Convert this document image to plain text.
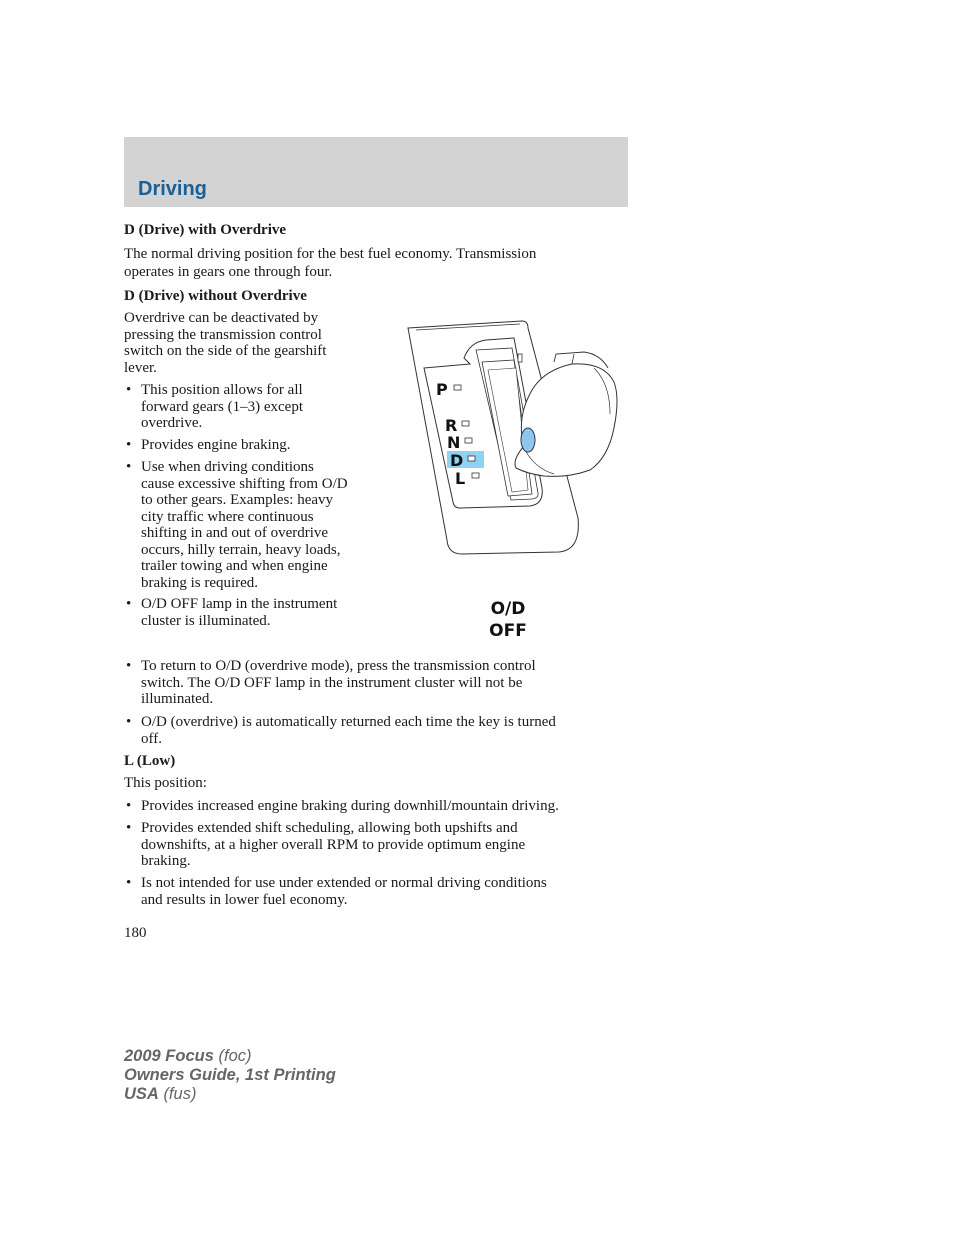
Driving

D (Drive) with Overdrive

The normal driving position for the best fuel economy. Transmission

operates in gears one through four.

D (Drive) without Overdrive

Overdrive can be deactivated by
pressing the transmission control
switch on the side of the gearshift
lever.
• This position allows for all
forward gears (1–3) except
overdrive.
• Provides engine braking.
• Use when driving conditions
cause excessive shifting from O/D
to other gears. Examples: heavy
city traffic where continuous
shifting in and out of overdrive
occurs, hilly terrain, heavy loads,
trailer towing and when engine
braking is required.
• O/D OFF lamp in the instrument
cluster is illuminated.
P
R
N
D
L
O/D
OFF
• To return to O/D (overdrive mode), press the transmission control
switch. The O/D OFF lamp in the instrument cluster will not be
illuminated.
• O/D (overdrive) is automatically returned each time the key is turned
off.

L (Low)

This position:

• Provides increased engine braking during downhill/mountain driving.
• Provides extended shift scheduling, allowing both upshifts and
downshifts, at a higher overall RPM to provide optimum engine
braking.
• Is not intended for use under extended or normal driving conditions
and results in lower fuel economy.
180
2009 Focus (foc)
Owners Guide, 1st Printing
USA (fus)
